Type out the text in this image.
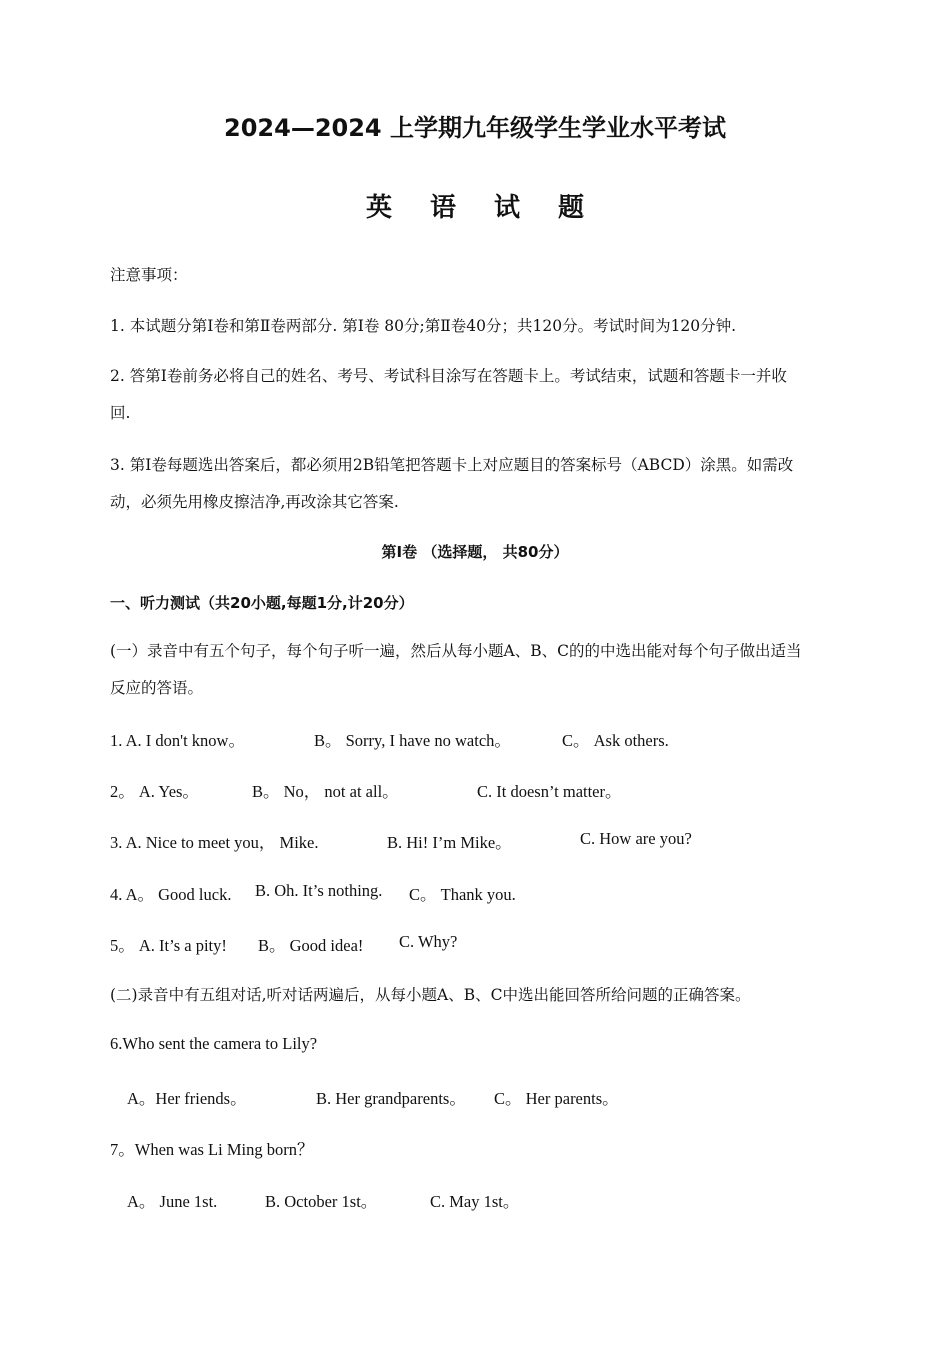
2024—2024 上学期九年级学生学业水平考试
英语试题
注意事项：
1. 本试题分第Ⅰ卷和第Ⅱ卷两部分. 第Ⅰ卷 80分;第Ⅱ卷40分；共120分。考试时间为120分钟.
2. 答第Ⅰ卷前务必将自己的姓名、考号、考试科目涂写在答题卡上。考试结束，试题和答题卡一并收
回.
3. 第Ⅰ卷每题选出答案后，都必须用2B铅笔把答题卡上对应题目的答案标号（ABCD）涂黑。如需改
动，必须先用橡皮擦洁净,再改涂其它答案.
第Ⅰ卷 （选择题， 共80分）
一、听力测试（共20小题,每题1分,计20分）
(一）录音中有五个句子，每个句子听一遍，然后从每小题A、B、C的的中选出能对每个句子做出适当
反应的答语。
1. A. I don't know。	B。 Sorry, I have no watch。	C。 Ask others.
2。 A. Yes。	B。 No， not at all。	C. It doesn’t matter。
3. A. Nice to meet you， Mike.	B. Hi! I’m Mike。	C. How are you?
4. A。 Good luck. B. Oh. It’s nothing. C。 Thank you.
5。 A. It’s a pity! B。 Good idea! C. Why?
(二)录音中有五组对话,听对话两遍后，从每小题A、B、C中选出能回答所给问题的正确答案。
6.Who sent the camera to Lily?
A。Her friends。	B. Her grandparents。 C。 Her parents。
7。When was Li Ming born？
A。 June 1st.	B. October 1st。	C. May 1st。
